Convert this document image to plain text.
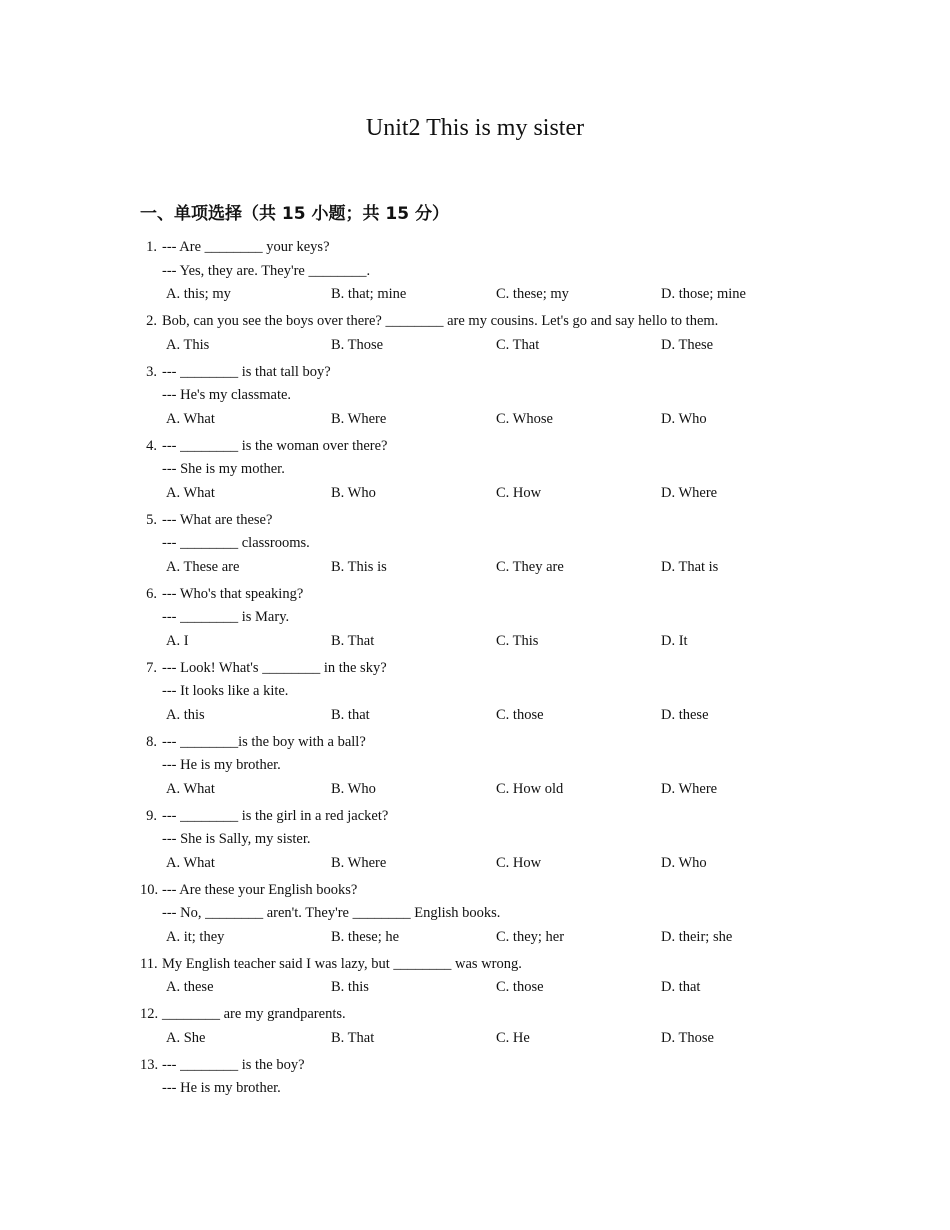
Unit2 This is my sister
一、单项选择（共 15 小题；共 15 分）
1. --- Are ________ your keys?
--- Yes, they are. They're ________.
A. this; my	B. that; mine	C. these; my	D. those; mine
2. Bob, can you see the boys over there? ________ are my cousins. Let's go and say hello to them.
A. This	B. Those	C. That	D. These
3. --- ________ is that tall boy?
--- He's my classmate.
A. What	B. Where	C. Whose	D. Who
4. --- ________ is the woman over there?
--- She is my mother.
A. What	B. Who	C. How	D. Where
5. --- What are these?
--- ________ classrooms.
A. These are	B. This is	C. They are	D. That is
6. --- Who's that speaking?
--- ________ is Mary.
A. I	B. That	C. This	D. It
7. --- Look! What's ________ in the sky?
--- It looks like a kite.
A. this	B. that	C. those	D. these
8. --- ________is the boy with a ball?
--- He is my brother.
A. What	B. Who	C. How old	D. Where
9. --- ________ is the girl in a red jacket?
--- She is Sally, my sister.
A. What	B. Where	C. How	D. Who
10. --- Are these your English books?
--- No, ________ aren't. They're ________ English books.
A. it; they	B. these; he	C. they; her	D. their; she
11. My English teacher said I was lazy, but ________ was wrong.
A. these	B. this	C. those	D. that
12. ________ are my grandparents.
A. She	B. That	C. He	D. Those
13. --- ________ is the boy?
--- He is my brother.
